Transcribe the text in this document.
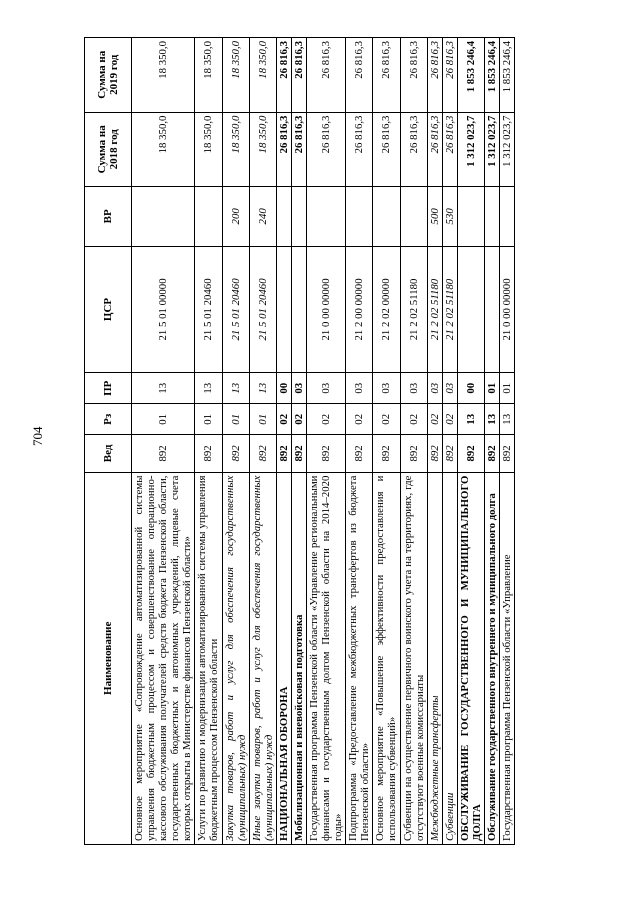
704
Наименование	Вед	Рз	ПР	ЦСР	ВР	Сумма на 2018 год	Сумма на 2019 год
Основное мероприятие «Сопровождение автоматизированной системы управления бюджетным процессом и совершенствование операционно-кассового обслуживания получателей средств бюджета Пензенской области, государственных бюджетных и автономных учреждений, лицевые счета которых открыты в Министерстве финансов Пензенской области»	892	01	13	21 5 01 00000		18 350,0	18 350,0
Услуги по развитию и модернизации автоматизированной системы управления бюджетным процессом Пензенской области	892	01	13	21 5 01 20460		18 350,0	18 350,0
Закупка товаров, работ и услуг для обеспечения государственных (муниципальных) нужд	892	01	13	21 5 01 20460	200	18 350,0	18 350,0
Иные закупки товаров, работ и услуг для обеспечения государственных (муниципальных) нужд	892	01	13	21 5 01 20460	240	18 350,0	18 350,0
НАЦИОНАЛЬНАЯ ОБОРОНА	892	02	00			26 816,3	26 816,3
Мобилизационная и вневойсковая подготовка	892	02	03			26 816,3	26 816,3
Государственная программа Пензенской области «Управление региональными финансами и государственным долгом Пензенской области на 2014–2020 годы»	892	02	03	21 0 00 00000		26 816,3	26 816,3
Подпрограмма «Предоставление межбюджетных трансфертов из бюджета Пензенской области»	892	02	03	21 2 00 00000		26 816,3	26 816,3
Основное мероприятие «Повышение эффективности предоставления и использования субвенций»	892	02	03	21 2 02 00000		26 816,3	26 816,3
Субвенции на осуществление первичного воинского учета на территориях, где отсутствуют военные комиссариаты	892	02	03	21 2 02 51180		26 816,3	26 816,3
Межбюджетные трансферты	892	02	03	21 2 02 51180	500	26 816,3	26 816,3
Субвенции	892	02	03	21 2 02 51180	530	26 816,3	26 816,3
ОБСЛУЖИВАНИЕ ГОСУДАРСТВЕННОГО И МУНИЦИПАЛЬНОГО ДОЛГА	892	13	00			1 312 023,7	1 853 246,4
Обслуживание государственного внутреннего и муниципального долга	892	13	01			1 312 023,7	1 853 246,4
Государственная программа Пензенской области «Управление	892	13	01	21 0 00 00000		1 312 023,7	1 853 246,4
